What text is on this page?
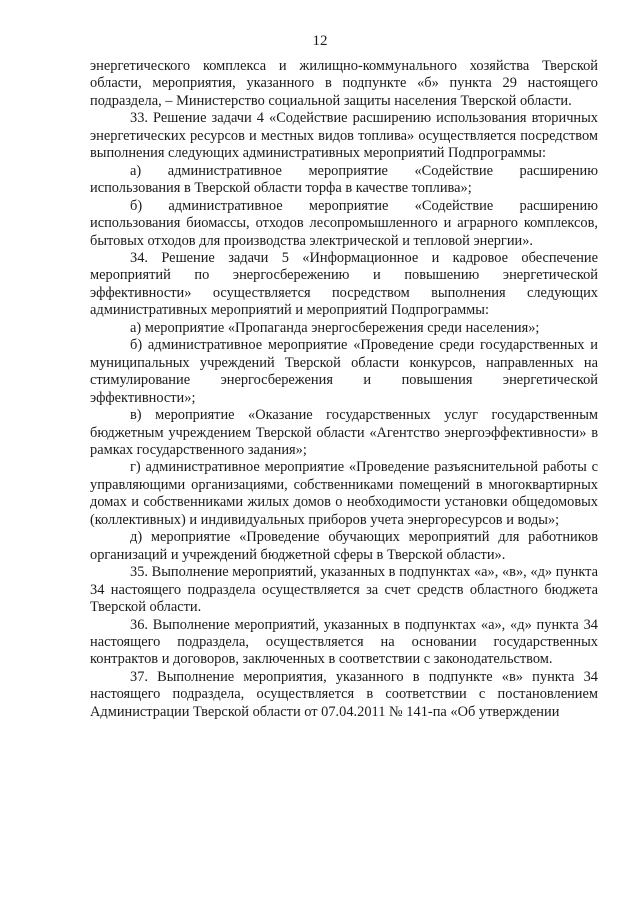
12

энергетического комплекса и жилищно-коммунального хозяйства Тверской области, мероприятия, указанного в подпункте «б» пункта 29 настоящего подраздела, – Министерство социальной защиты населения Тверской области.

33. Решение задачи 4 «Содействие расширению использования вторичных энергетических ресурсов и местных видов топлива» осуществляется посредством выполнения следующих административных мероприятий Подпрограммы:

а) административное мероприятие «Содействие расширению использования в Тверской области торфа в качестве топлива»;

б) административное мероприятие «Содействие расширению использования биомассы, отходов лесопромышленного и аграрного комплексов, бытовых отходов для производства электрической и тепловой энергии».

34. Решение задачи 5 «Информационное и кадровое обеспечение мероприятий по энергосбережению и повышению энергетической эффективности» осуществляется посредством выполнения следующих административных мероприятий и мероприятий Подпрограммы:

а) мероприятие «Пропаганда энергосбережения среди населения»;

б) административное мероприятие «Проведение среди государственных и муниципальных учреждений Тверской области конкурсов, направленных на стимулирование энергосбережения и повышения энергетической эффективности»;

в) мероприятие «Оказание государственных услуг государственным бюджетным учреждением Тверской области «Агентство энергоэффективности» в рамках государственного задания»;

г) административное мероприятие «Проведение разъяснительной работы с управляющими организациями, собственниками помещений в многоквартирных домах и собственниками жилых домов о необходимости установки общедомовых (коллективных) и индивидуальных приборов учета энергоресурсов и воды»;

д) мероприятие «Проведение обучающих мероприятий для работников организаций и учреждений бюджетной сферы в Тверской области».

35. Выполнение мероприятий, указанных в подпунктах «а», «в», «д» пункта 34 настоящего подраздела осуществляется за счет средств областного бюджета Тверской области.

36. Выполнение мероприятий, указанных в подпунктах «а», «д» пункта 34 настоящего подраздела, осуществляется на основании государственных контрактов и договоров, заключенных в соответствии с законодательством.

37. Выполнение мероприятия, указанного в подпункте «в» пункта 34 настоящего подраздела, осуществляется в соответствии с постановлением Администрации Тверской области от 07.04.2011 № 141-па «Об утверждении
